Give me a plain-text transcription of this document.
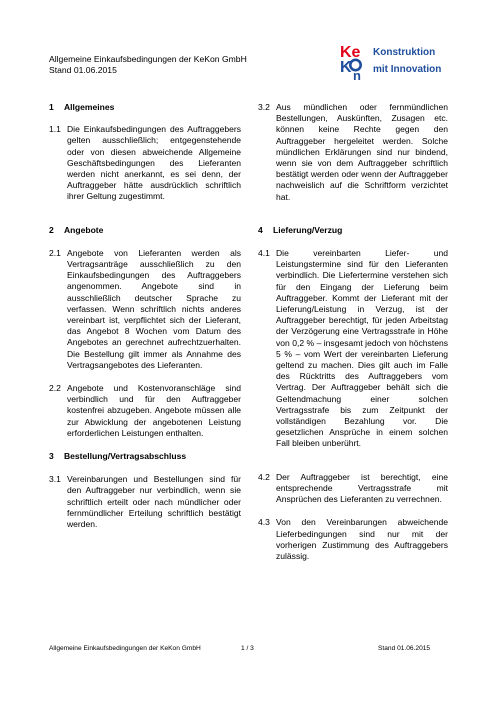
Allgemeine Einkaufsbedingungen der KeKon GmbH
Stand 01.06.2015
Ke
K n
Konstruktion
mit Innovation
1	Allgemeines
1.1 Die Einkaufsbedingungen des Auftraggebers gelten ausschließlich; entgegenstehende oder von diesen abweichende Allgemeine Geschäftsbedingungen des Lieferanten werden nicht anerkannt, es sei denn, der Auftraggeber hätte ausdrücklich schriftlich ihrer Geltung zugestimmt.
2	Angebote
2.1 Angebote von Lieferanten werden als Vertragsanträge ausschließlich zu den Einkaufsbedingungen des Auftraggebers angenommen. Angebote sind in ausschließlich deutscher Sprache zu verfassen. Wenn schriftlich nichts anderes vereinbart ist, verpflichtet sich der Lieferant, das Angebot 8 Wochen vom Datum des Angebotes an gerechnet aufrechtzuerhalten. Die Bestellung gilt immer als Annahme des Vertragsangebotes des Lieferanten.
2.2 Angebote und Kostenvoranschläge sind verbindlich und für den Auftraggeber kostenfrei abzugeben. Angebote müssen alle zur Abwicklung der angebotenen Leistung erforderlichen Leistungen enthalten.
3	Bestellung/Vertragsabschluss
3.1 Vereinbarungen und Bestellungen sind für den Auftraggeber nur verbindlich, wenn sie schriftlich erteilt oder nach mündlicher oder fernmündlicher Erteilung schriftlich bestätigt werden.
3.2 Aus mündlichen oder fernmündlichen Bestellungen, Auskünften, Zusagen etc. können keine Rechte gegen den Auftraggeber hergeleitet werden. Solche mündlichen Erklärungen sind nur bindend, wenn sie von dem Auftraggeber schriftlich bestätigt werden oder wenn der Auftraggeber nachweislich auf die Schriftform verzichtet hat.
4	Lieferung/Verzug
4.1 Die vereinbarten Liefer- und Leistungstermine sind für den Lieferanten verbindlich. Die Liefertermine verstehen sich für den Eingang der Lieferung beim Auftraggeber. Kommt der Lieferant mit der Lieferung/Leistung in Verzug, ist der Auftraggeber berechtigt, für jeden Arbeitstag der Verzögerung eine Vertragsstrafe in Höhe von 0,2 % – insgesamt jedoch von höchstens 5 % – vom Wert der vereinbarten Lieferung geltend zu machen. Dies gilt auch im Falle des Rücktritts des Auftraggebers vom Vertrag. Der Auftraggeber behält sich die Geltendmachung einer solchen Vertragsstrafe bis zum Zeitpunkt der vollständigen Bezahlung vor. Die gesetzlichen Ansprüche in einem solchen Fall bleiben unberührt.
4.2 Der Auftraggeber ist berechtigt, eine entsprechende Vertragsstrafe mit Ansprüchen des Lieferanten zu verrechnen.
4.3 Von den Vereinbarungen abweichende Lieferbedingungen sind nur mit der vorherigen Zustimmung des Auftraggebers zulässig.
Allgemeine Einkaufsbedingungen der KeKon GmbH	1 / 3	Stand 01.06.2015
